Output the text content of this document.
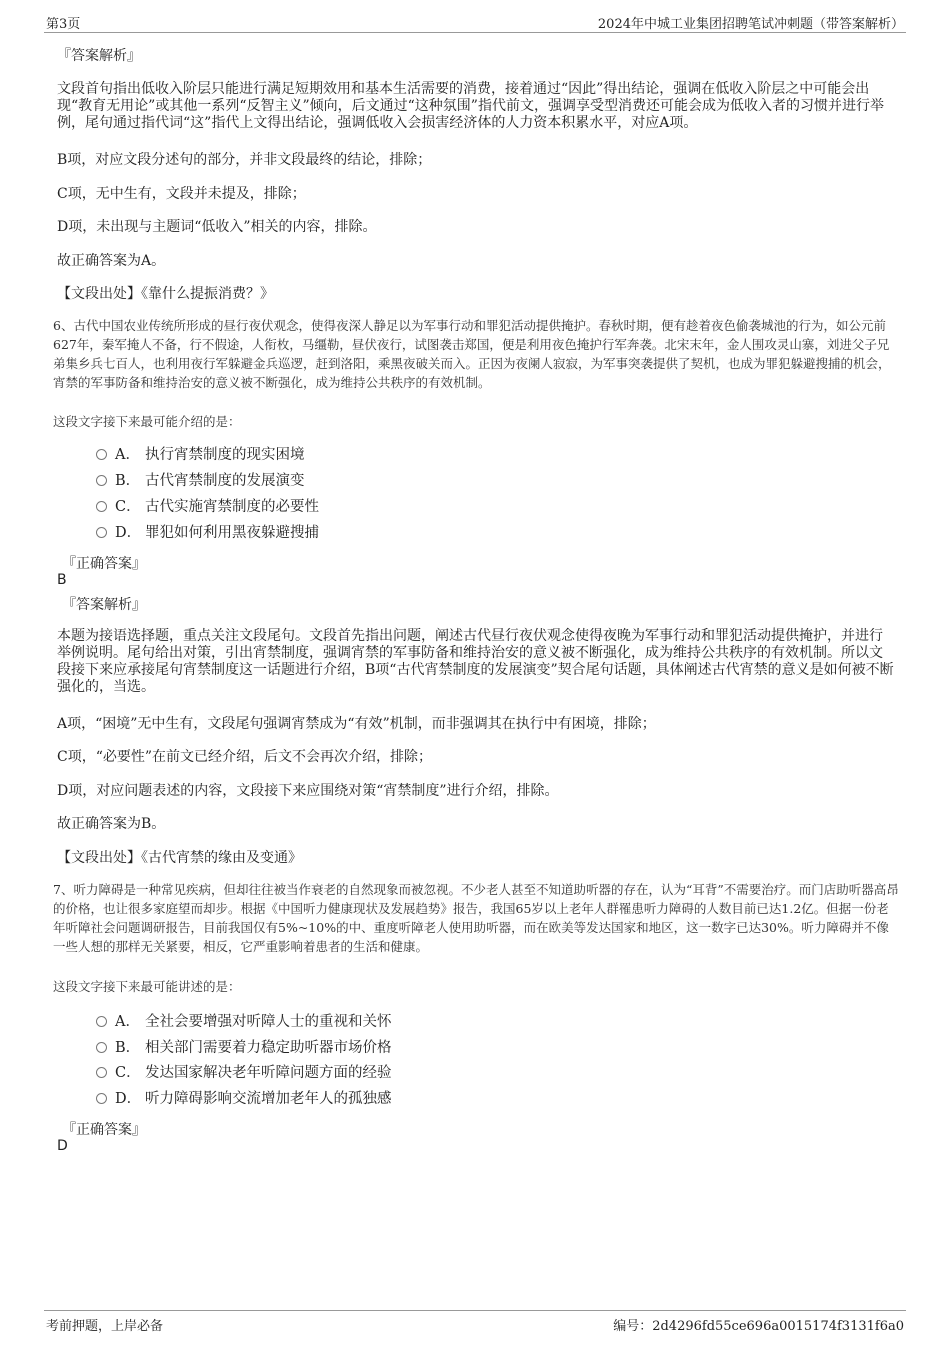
第3页	2024年中城工业集团招聘笔试冲刺题（带答案解析）
『答案解析』
文段首句指出低收入阶层只能进行满足短期效用和基本生活需要的消费，接着通过“因此”得出结论，强调在低收入阶层之中可能会出现“教育无用论”或其他一系列“反智主义”倾向，后文通过“这种氛围”指代前文，强调享受型消费还可能会成为低收入者的习惯并进行举例，尾句通过指代词“这”指代上文得出结论，强调低收入会损害经济体的人力资本积累水平，对应A项。
B项，对应文段分述句的部分，并非文段最终的结论，排除；
C项，无中生有，文段并未提及，排除；
D项，未出现与主题词“低收入”相关的内容，排除。
故正确答案为A。
【文段出处】《靠什么提振消费？》
6、古代中国农业传统所形成的昼行夜伏观念，使得夜深人静足以为军事行动和罪犯活动提供掩护。春秋时期，便有趁着夜色偷袭城池的行为，如公元前627年，秦军掩人不备，行不假途，人衔枚，马缰勒，昼伏夜行，试图袭击郑国，便是利用夜色掩护行军奔袭。北宋末年，金人围攻灵山寨，刘进父子兄弟集乡兵七百人，也利用夜行军躲避金兵巡逻，赶到洛阳，乘黑夜破关而入。正因为夜阑人寂寂，为军事突袭提供了契机，也成为罪犯躲避搜捕的机会，宵禁的军事防备和维持治安的意义被不断强化，成为维持公共秩序的有效机制。
这段文字接下来最可能介绍的是：
A． 执行宵禁制度的现实困境
B． 古代宵禁制度的发展演变
C． 古代实施宵禁制度的必要性
D． 罪犯如何利用黑夜躲避搜捕
『正确答案』
B
『答案解析』
本题为接语选择题，重点关注文段尾句。文段首先指出问题，阐述古代昼行夜伏观念使得夜晚为军事行动和罪犯活动提供掩护，并进行举例说明。尾句给出对策，引出宵禁制度，强调宵禁的军事防备和维持治安的意义被不断强化，成为维持公共秩序的有效机制。所以文段接下来应承接尾句宵禁制度这一话题进行介绍，B项“古代宵禁制度的发展演变”契合尾句话题，具体阐述古代宵禁的意义是如何被不断强化的，当选。
A项，“困境”无中生有，文段尾句强调宵禁成为“有效”机制，而非强调其在执行中有困境，排除；
C项，“必要性”在前文已经介绍，后文不会再次介绍，排除；
D项，对应问题表述的内容，文段接下来应围绕对策“宵禁制度”进行介绍，排除。
故正确答案为B。
【文段出处】《古代宵禁的缘由及变通》
7、听力障碍是一种常见疾病，但却往往被当作衰老的自然现象而被忽视。不少老人甚至不知道助听器的存在，认为“耳背”不需要治疗。而门店助听器高昂的价格，也让很多家庭望而却步。根据《中国听力健康现状及发展趋势》报告，我国65岁以上老年人群罹患听力障碍的人数目前已达1.2亿。但据一份老年听障社会问题调研报告，目前我国仅有5%~10%的中、重度听障老人使用助听器，而在欧美等发达国家和地区，这一数字已达30%。听力障碍并不像一些人想的那样无关紧要，相反，它严重影响着患者的生活和健康。
这段文字接下来最可能讲述的是：
A． 全社会要增强对听障人士的重视和关怀
B． 相关部门需要着力稳定助听器市场价格
C． 发达国家解决老年听障问题方面的经验
D． 听力障碍影响交流增加老年人的孤独感
『正确答案』
D
考前押题，上岸必备	编号：2d4296fd55ce696a0015174f3131f6a0
